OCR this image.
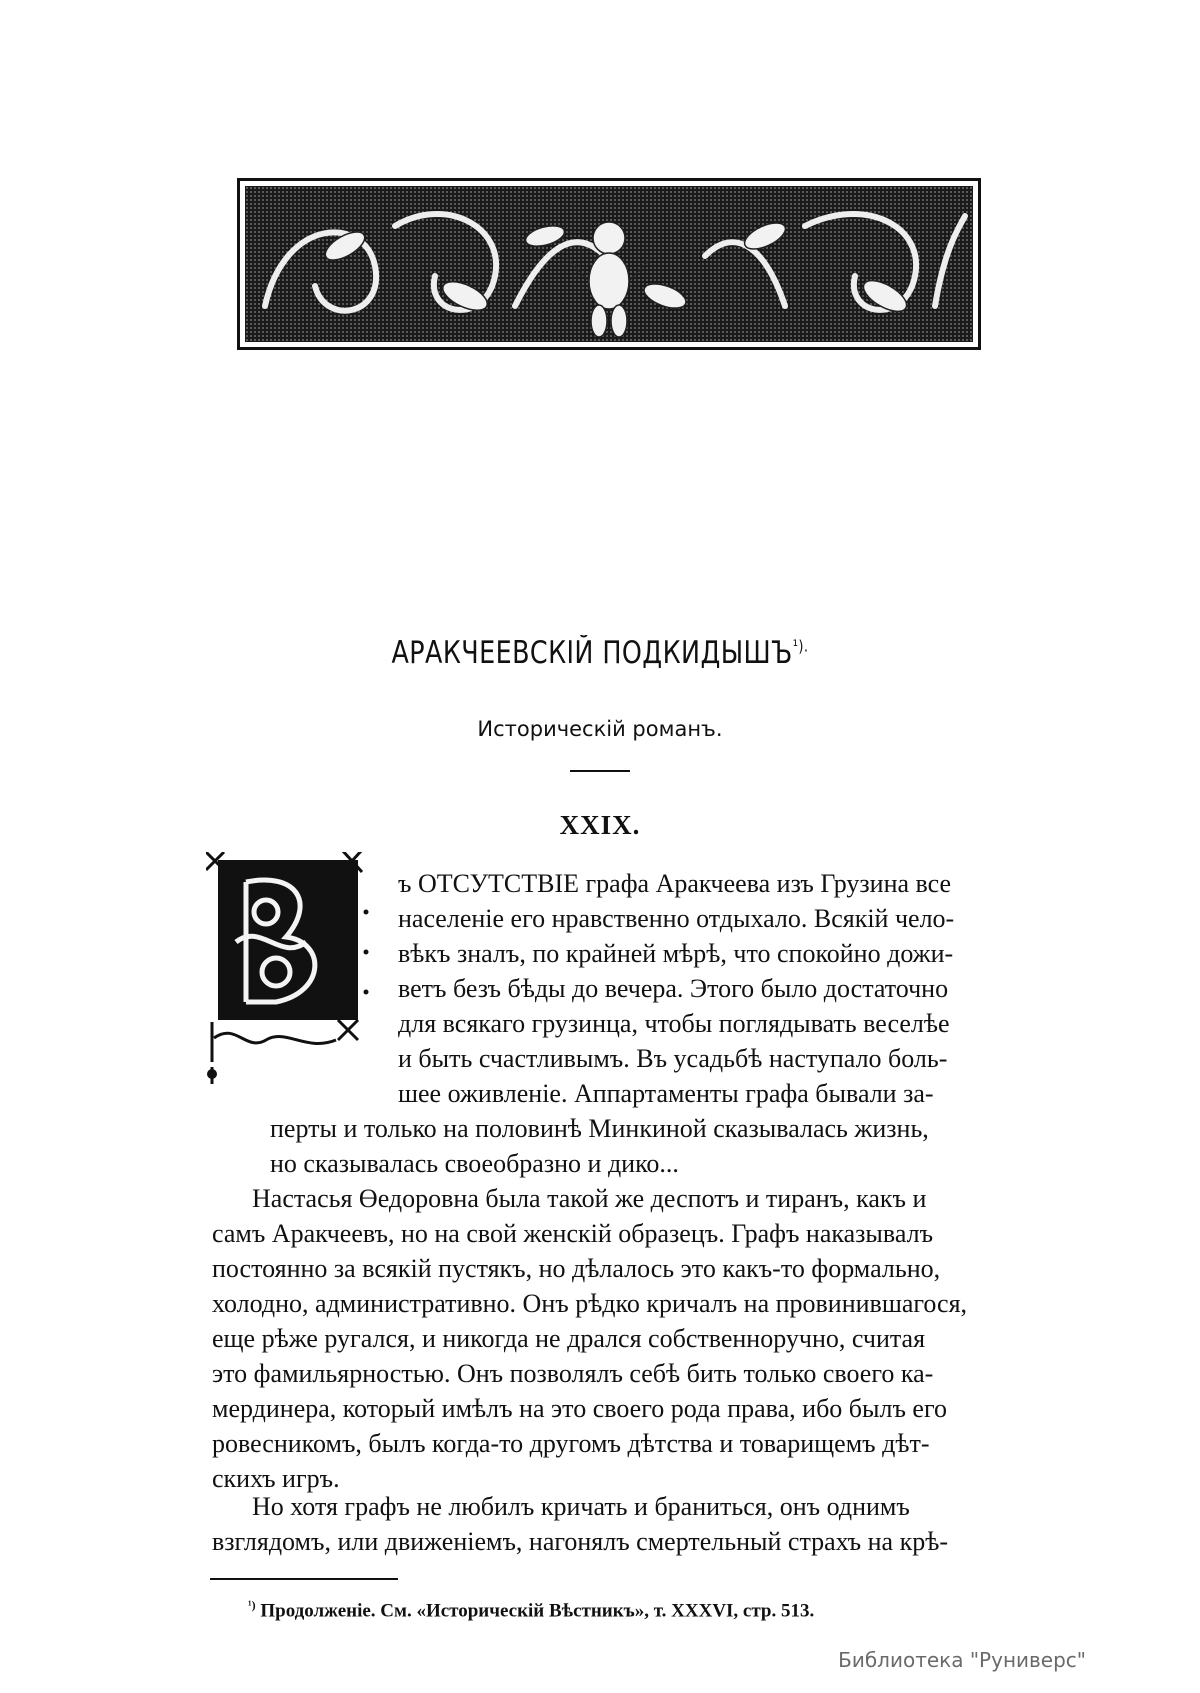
АРАКЧЕЕВСКІЙ $ПОДКИДЫШЪ^{^1).}$
Историческій романъ.
XXIX.
ъ ОТСУТСТВІЕ графа Аракчеева изъ Грузина все
населеніе его нравственно отдыхало. Всякій чело-
вѣкъ зналъ, по крайней мѣрѣ, что спокойно дожи-
ветъ безъ бѣды до вечера. Этого было достаточно
для всякаго грузинца, чтобы поглядывать веселѣе
и быть счастливымъ. Въ усадьбѣ наступало боль-
шее оживленіе. Аппартаменты графа бывали за-
перты и только на половинѣ Минкиной сказывалась жизнь,
но сказывалась своеобразно и дико...
Настасья Өедоровна была такой же деспотъ и тиранъ, какъ и
самъ Аракчеевъ, но на свой женскій образецъ. Графъ наказывалъ
постоянно за всякій пустякъ, но дѣлалось это какъ-то формально,
холодно, административно. Онъ рѣдко кричалъ на провинившагося,
еще рѣже ругался, и никогда не дрался собственноручно, считая
это фамильярностью. Онъ позволялъ себѣ бить только своего ка-
мердинера, который имѣлъ на это своего рода права, ибо былъ его
ровесникомъ, былъ когда-то другомъ дѣтства и товарищемъ дѣт-
скихъ игръ.
$^{^1)}$ Продолженіе. См. «Историческій Вѣстникъ», т. XXXVI, стр. 513.
Библиотека "Руниверс"
Но хотя графъ не любилъ кричать и браниться, онъ однимъ
взглядомъ, или движеніемъ, нагонялъ смертельный страхъ на крѣ-
